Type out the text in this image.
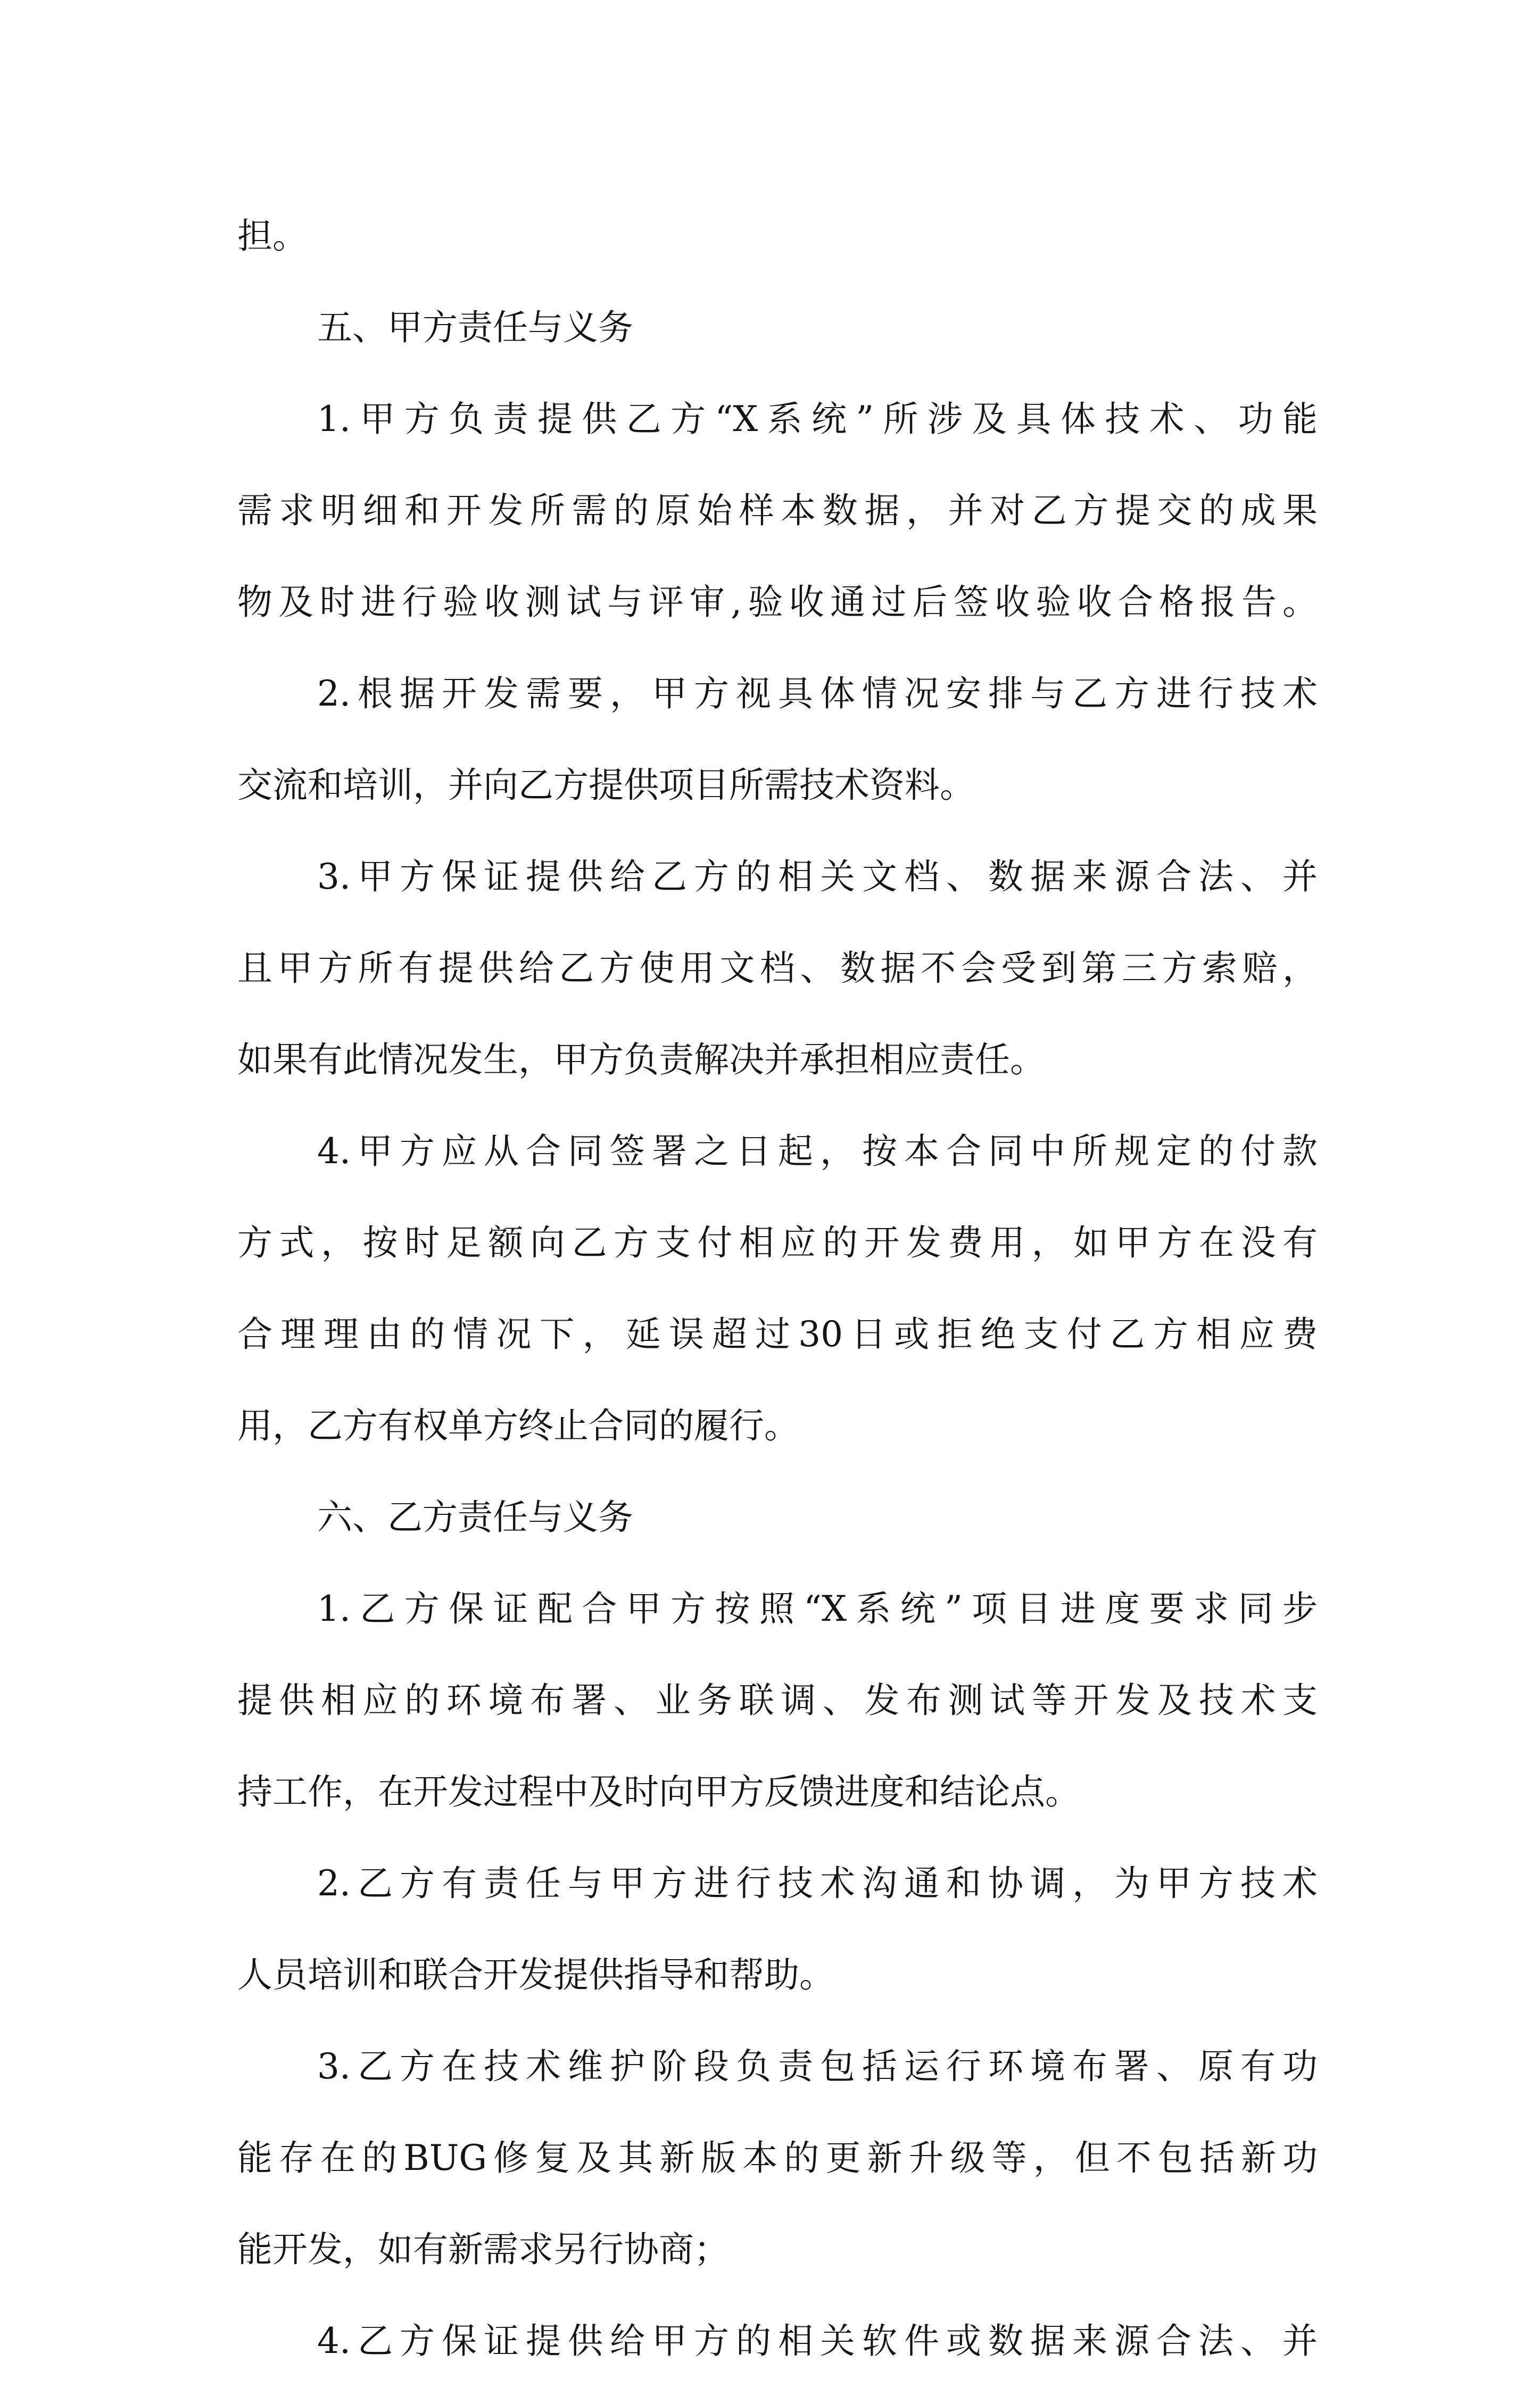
担。
五、甲方责任与义务
1.甲方负责提供乙方“X系统”所涉及具体技术、功能
需求明细和开发所需的原始样本数据，并对乙方提交的成果
物及时进行验收测试与评审,验收通过后签收验收合格报告。
2.根据开发需要，甲方视具体情况安排与乙方进行技术
交流和培训，并向乙方提供项目所需技术资料。
3.甲方保证提供给乙方的相关文档、数据来源合法、并
且甲方所有提供给乙方使用文档、数据不会受到第三方索赔，
如果有此情况发生，甲方负责解决并承担相应责任。
4.甲方应从合同签署之日起，按本合同中所规定的付款
方式，按时足额向乙方支付相应的开发费用，如甲方在没有
合理理由的情况下，延误超过30日或拒绝支付乙方相应费
用，乙方有权单方终止合同的履行。
六、乙方责任与义务
1.乙方保证配合甲方按照“X系统”项目进度要求同步
提供相应的环境布署、业务联调、发布测试等开发及技术支
持工作，在开发过程中及时向甲方反馈进度和结论点。
2.乙方有责任与甲方进行技术沟通和协调，为甲方技术
人员培训和联合开发提供指导和帮助。
3.乙方在技术维护阶段负责包括运行环境布署、原有功
能存在的BUG修复及其新版本的更新升级等，但不包括新功
能开发，如有新需求另行协商；
4.乙方保证提供给甲方的相关软件或数据来源合法、并
